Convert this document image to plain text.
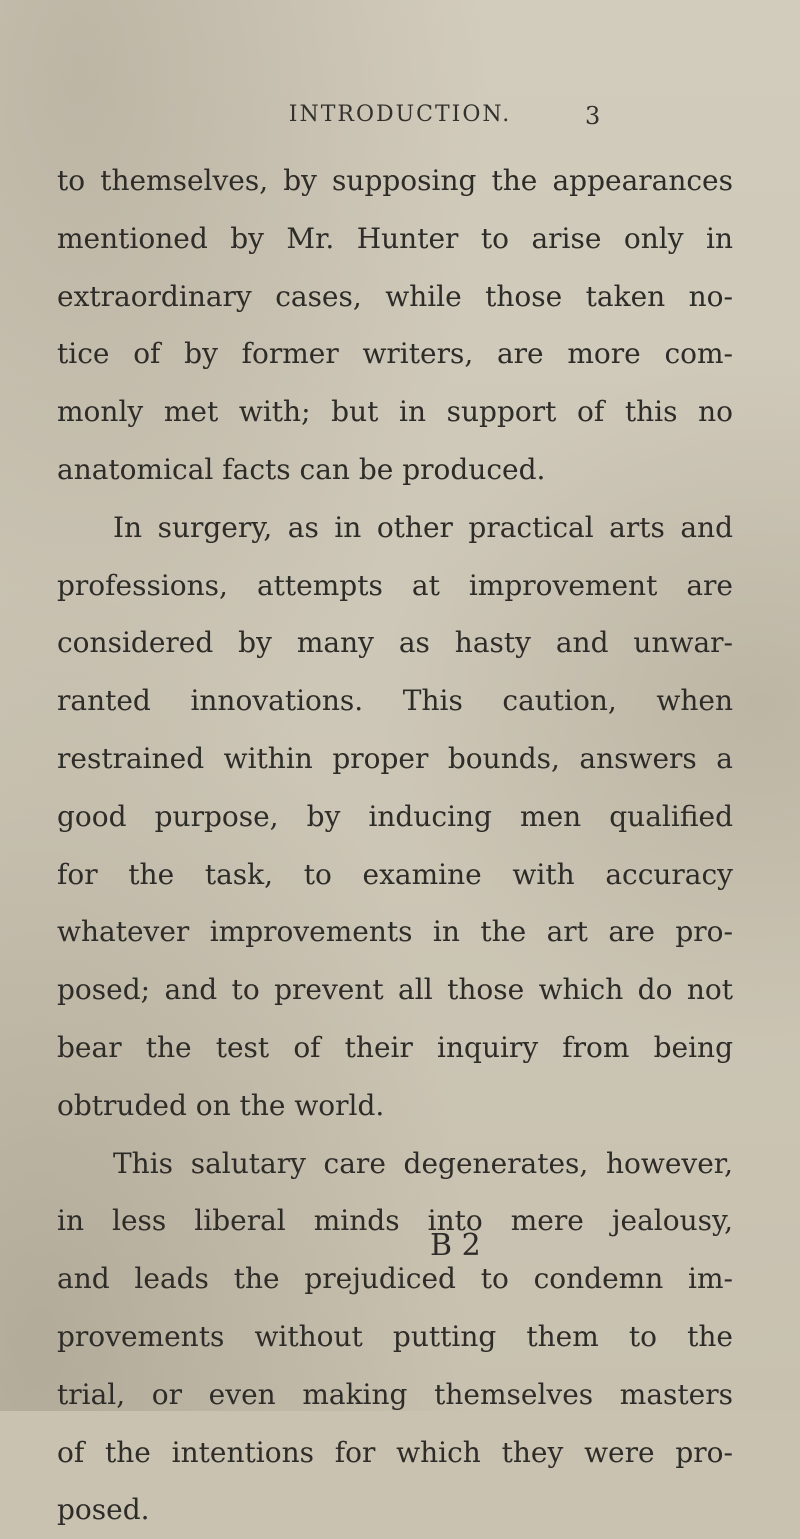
INTRODUCTION.	3
to themselves, by supposing the appearances
mentioned by Mr. Hunter to arise only in
extraordinary cases, while those taken no-
tice of by former writers, are more com-
monly met with; but in support of this no
anatomical facts can be produced.
In surgery, as in other practical arts and
professions, attempts at improvement are
considered by many as hasty and unwar-
ranted innovations. This caution, when
restrained within proper bounds, answers a
good purpose, by inducing men qualified
for the task, to examine with accuracy
whatever improvements in the art are pro-
posed; and to prevent all those which do not
bear the test of their inquiry from being
obtruded on the world.
This salutary care degenerates, however,
in less liberal minds into mere jealousy,
and leads the prejudiced to condemn im-
provements without putting them to the
trial, or even making themselves masters
of the intentions for which they were pro-
posed.
B 2
